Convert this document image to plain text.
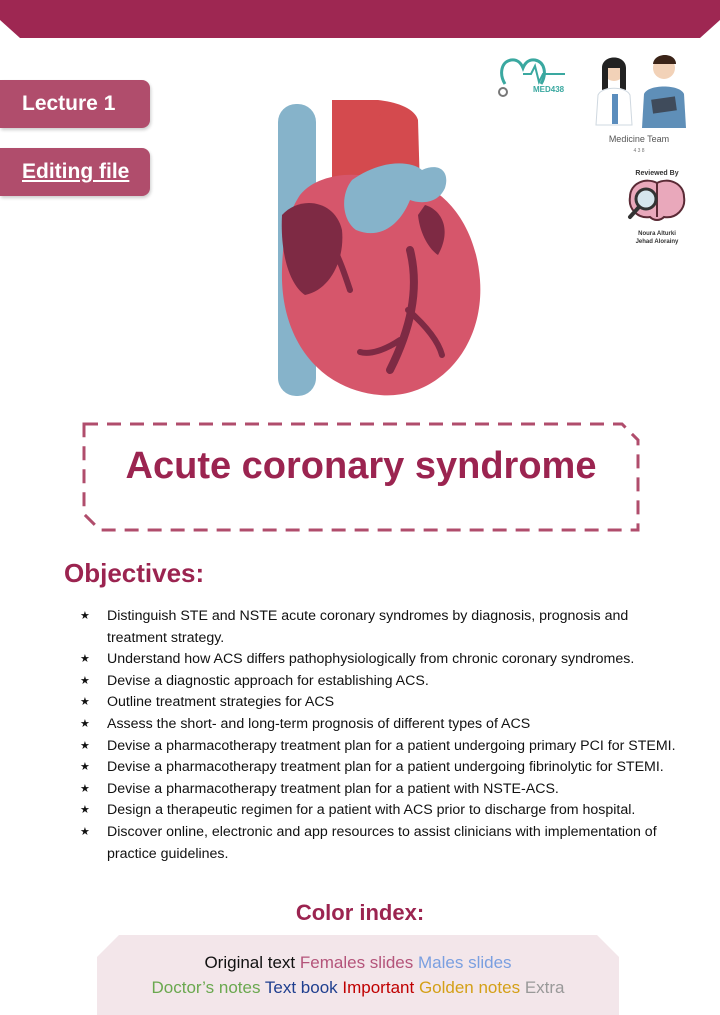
Lecture 1
Editing file
MED438
Medicine Team
4 3 8
Reviewed By
Noura Alturki
Jehad Alorainy
Acute coronary syndrome
Objectives:
★ Distinguish STE and NSTE acute coronary syndromes by diagnosis, prognosis and treatment strategy.
★ Understand how ACS differs pathophysiologically from chronic coronary syndromes.
★ Devise a diagnostic approach for establishing ACS.
★ Outline treatment strategies for ACS
★ Assess the short- and long-term prognosis of different types of ACS
★ Devise a pharmacotherapy treatment plan for a patient undergoing primary PCI for STEMI.
★ Devise a pharmacotherapy treatment plan for a patient undergoing fibrinolytic for STEMI.
★ Devise a pharmacotherapy treatment plan for a patient with NSTE-ACS.
★ Design a therapeutic regimen for a patient with ACS prior to discharge from hospital.
★ Discover online, electronic and app resources to assist clinicians with implementation of practice guidelines.
Color index:
Original text Females slides Males slides
Doctor’s notes Text book Important Golden notes Extra
